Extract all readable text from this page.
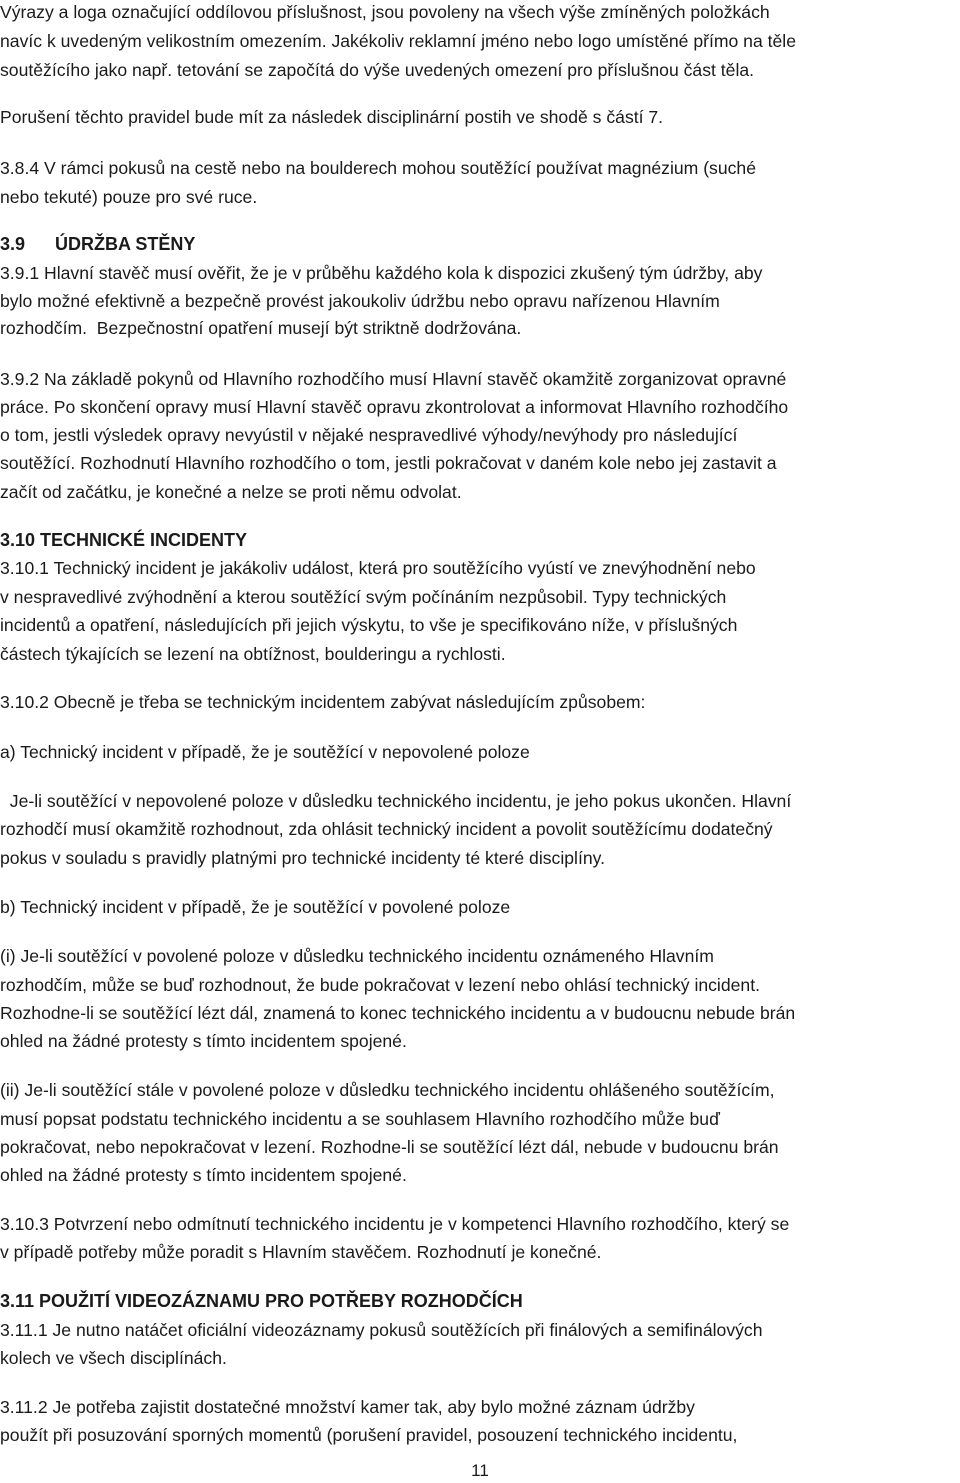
Výrazy a loga označující oddílovou příslušnost, jsou povoleny na všech výše zmíněných položkách
navíc k uvedeným velikostním omezením. Jakékoliv reklamní jméno nebo logo umístěné přímo na těle
soutěžícího jako např. tetování se započítá do výše uvedených omezení pro příslušnou část těla.
Porušení těchto pravidel bude mít za následek disciplinární postih ve shodě s částí 7.
3.8.4 V rámci pokusů na cestě nebo na boulderech mohou soutěžící používat magnézium (suché
nebo tekuté) pouze pro své ruce.
3.9      ÚDRŽBA STĚNY
3.9.1 Hlavní stavěč musí ověřit, že je v průběhu každého kola k dispozici zkušený tým údržby, aby
bylo možné efektivně a bezpečně provést jakoukoliv údržbu nebo opravu nařízenou Hlavním
rozhodčím.  Bezpečnostní opatření musejí být striktně dodržována.
3.9.2 Na základě pokynů od Hlavního rozhodčího musí Hlavní stavěč okamžitě zorganizovat opravné
práce. Po skončení opravy musí Hlavní stavěč opravu zkontrolovat a informovat Hlavního rozhodčího
o tom, jestli výsledek opravy nevyústil v nějaké nespravedlivé výhody/nevýhody pro následující
soutěžící. Rozhodnutí Hlavního rozhodčího o tom, jestli pokračovat v daném kole nebo jej zastavit a
začít od začátku, je konečné a nelze se proti němu odvolat.
3.10 TECHNICKÉ INCIDENTY
3.10.1 Technický incident je jakákoliv událost, která pro soutěžícího vyústí ve znevýhodnění nebo
v nespravedlivé zvýhodnění a kterou soutěžící svým počínáním nezpůsobil. Typy technických
incidentů a opatření, následujících při jejich výskytu, to vše je specifikováno níže, v příslušných
částech týkajících se lezení na obtížnost, boulderingu a rychlosti.
3.10.2 Obecně je třeba se technickým incidentem zabývat následujícím způsobem:
a) Technický incident v případě, že je soutěžící v nepovolené poloze
Je-li soutěžící v nepovolené poloze v důsledku technického incidentu, je jeho pokus ukončen. Hlavní
rozhodčí musí okamžitě rozhodnout, zda ohlásit technický incident a povolit soutěžícímu dodatečný
pokus v souladu s pravidly platnými pro technické incidenty té které disciplíny.
b) Technický incident v případě, že je soutěžící v povolené poloze
(i) Je-li soutěžící v povolené poloze v důsledku technického incidentu oznámeného Hlavním
rozhodčím, může se buď rozhodnout, že bude pokračovat v lezení nebo ohlásí technický incident.
Rozhodne-li se soutěžící lézt dál, znamená to konec technického incidentu a v budoucnu nebude brán
ohled na žádné protesty s tímto incidentem spojené.
(ii) Je-li soutěžící stále v povolené poloze v důsledku technického incidentu ohlášeného soutěžícím,
musí popsat podstatu technického incidentu a se souhlasem Hlavního rozhodčího může buď
pokračovat, nebo nepokračovat v lezení. Rozhodne-li se soutěžící lézt dál, nebude v budoucnu brán
ohled na žádné protesty s tímto incidentem spojené.
3.10.3 Potvrzení nebo odmítnutí technického incidentu je v kompetenci Hlavního rozhodčího, který se
v případě potřeby může poradit s Hlavním stavěčem. Rozhodnutí je konečné.
3.11 POUŽITÍ VIDEOZÁZNAMU PRO POTŘEBY ROZHODČÍCH
3.11.1 Je nutno natáčet oficiální videozáznamy pokusů soutěžících při finálových a semifinálových
kolech ve všech disciplínách.
3.11.2 Je potřeba zajistit dostatečné množství kamer tak, aby bylo možné záznam údržby
použít při posuzování sporných momentů (porušení pravidel, posouzení technického incidentu,
11
